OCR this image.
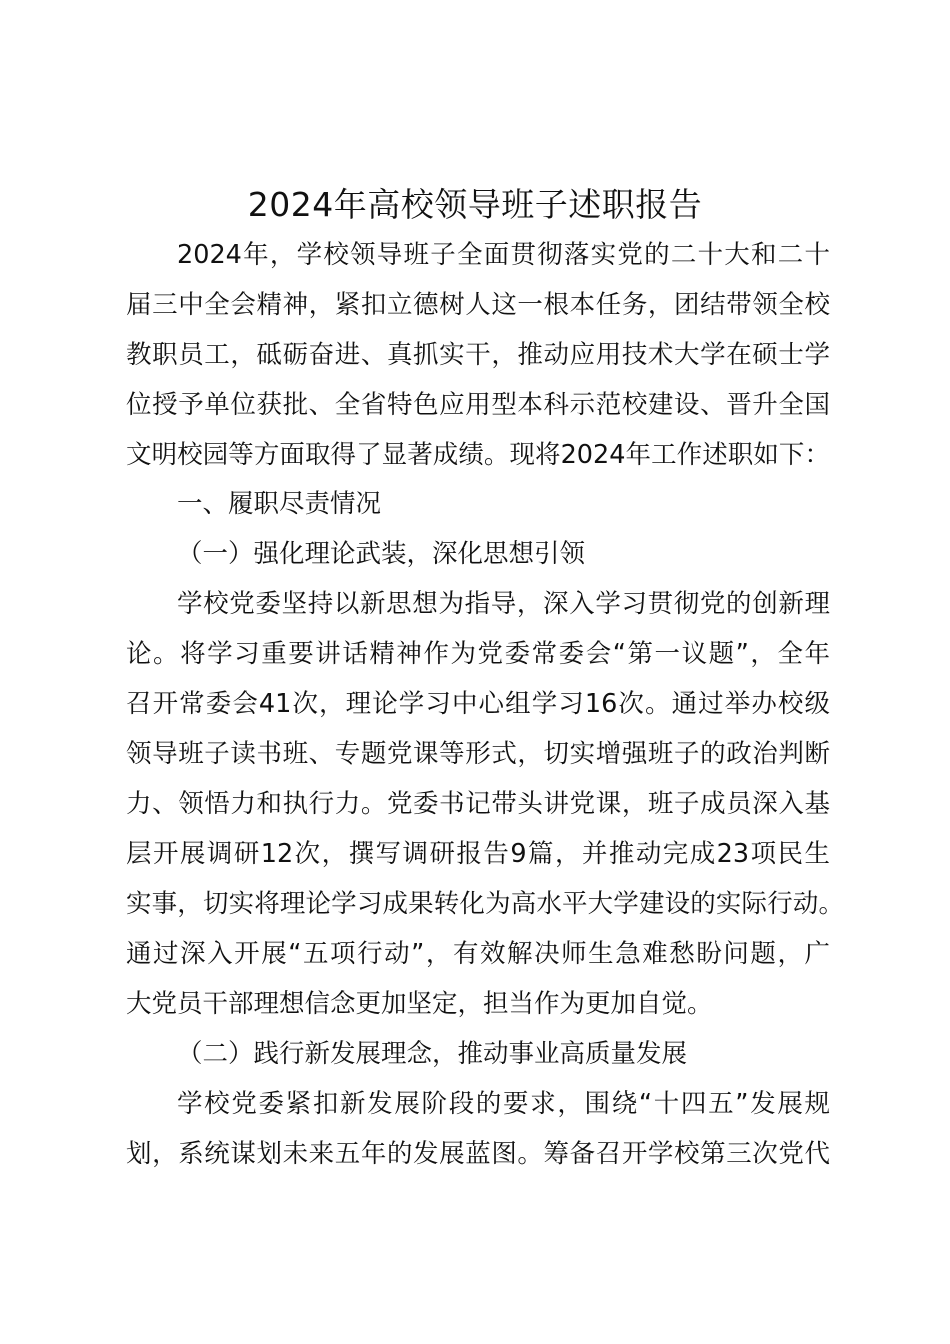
2024年高校领导班子述职报告
2024年，学校领导班子全面贯彻落实党的二十大和二十
届三中全会精神，紧扣立德树人这一根本任务，团结带领全校
教职员工，砥砺奋进、真抓实干，推动应用技术大学在硕士学
位授予单位获批、全省特色应用型本科示范校建设、晋升全国
文明校园等方面取得了显著成绩。现将2024年工作述职如下：
一、履职尽责情况
（一）强化理论武装，深化思想引领
学校党委坚持以新思想为指导，深入学习贯彻党的创新理
论。将学习重要讲话精神作为党委常委会“第一议题”，全年
召开常委会41次，理论学习中心组学习16次。通过举办校级
领导班子读书班、专题党课等形式，切实增强班子的政治判断
力、领悟力和执行力。党委书记带头讲党课，班子成员深入基
层开展调研12次，撰写调研报告9篇，并推动完成23项民生
实事，切实将理论学习成果转化为高水平大学建设的实际行动。
通过深入开展“五项行动”，有效解决师生急难愁盼问题，广
大党员干部理想信念更加坚定，担当作为更加自觉。
（二）践行新发展理念，推动事业高质量发展
学校党委紧扣新发展阶段的要求，围绕“十四五”发展规
划，系统谋划未来五年的发展蓝图。筹备召开学校第三次党代
